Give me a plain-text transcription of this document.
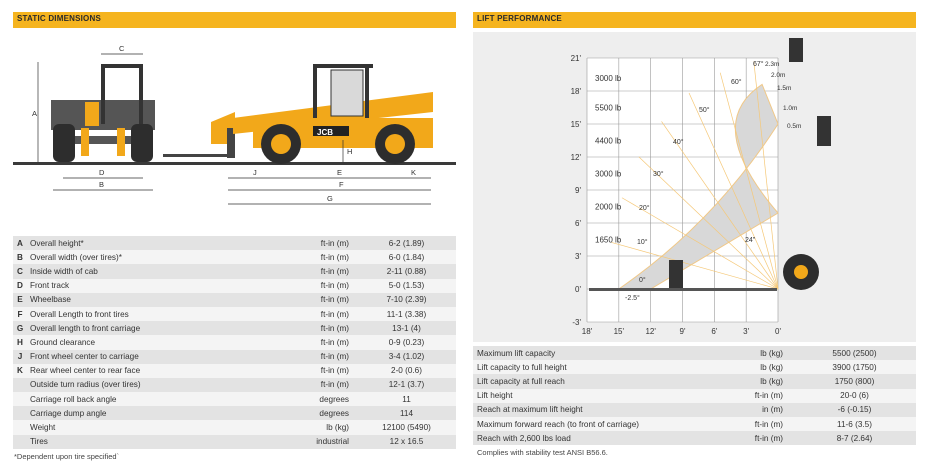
STATIC DIMENSIONS	LIFT PERFORMANCE
JCB
A
C
D
B
J	E	K
F
G
H
A	Overall height*	ft-in (m)	6-2 (1.89)
B	Overall width (over tires)*	ft-in (m)	6-0 (1.84)
C	Inside width of cab	ft-in (m)	2-11 (0.88)
D	Front track	ft-in (m)	5-0 (1.53)
E	Wheelbase	ft-in (m)	7-10 (2.39)
F	Overall Length to front tires	ft-in (m)	11-1 (3.38)
G	Overall length to front carriage	ft-in (m)	13-1 (4)
H	Ground clearance	ft-in (m)	0-9 (0.23)
J	Front wheel center to carriage	ft-in (m)	3-4 (1.02)
K	Rear wheel center to rear face	ft-in (m)	2-0 (0.6)
	Outside turn radius (over tires)	ft-in (m)	12-1 (3.7)
	Carriage roll back angle	degrees	11
	Carriage dump angle	degrees	114
	Weight	lb (kg)	12100 (5490)
	Tires	industrial	12 x 16.5
*Dependent upon tire specified`
21'
18'
15'
12'
9'
6'
3'
0'
-3'
18'	15'	12'	9'	6'	3'	0'
3000 lb
5500 lb
4400 lb
3000 lb
2000 lb
1650 lb
67°
60°
50°
40°
30°
20°
10°
0°
-2.5°
2.3m
2.0m
1.5m
1.0m
0.5m
24"
Maximum lift capacity	lb (kg)	5500 (2500)
Lift capacity to full height	lb (kg)	3900 (1750)
Lift capacity at full reach	lb (kg)	1750 (800)
Lift height	ft-in (m)	20-0 (6)
Reach at maximum lift height	in (m)	-6 (-0.15)
Maximum forward reach (to front of carriage)	ft-in (m)	11-6 (3.5)
Reach with 2,600 lbs load	ft-in (m)	8-7 (2.64)
Complies with stability test ANSI B56.6.
